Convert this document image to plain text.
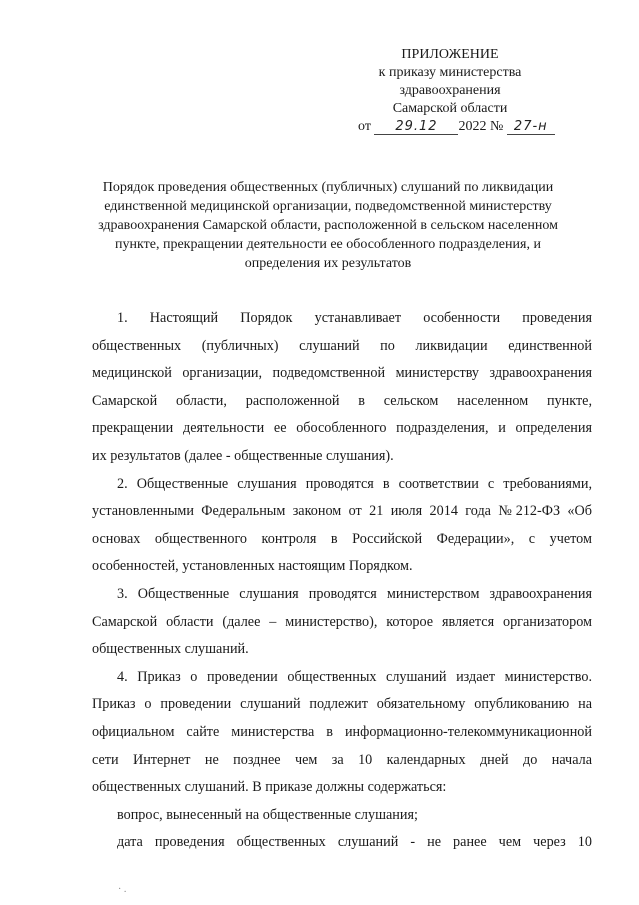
ПРИЛОЖЕНИЕ
к приказу министерства
здравоохранения
Самарской области
от 29.12 2022 № 27-н
Порядок проведения общественных (публичных) слушаний по ликвидации
единственной медицинской организации, подведомственной министерству
здравоохранения Самарской области, расположенной в сельском населенном
пункте, прекращении деятельности ее обособленного подразделения, и
определения их результатов
1. Настоящий Порядок устанавливает особенности проведения
общественных (публичных) слушаний по ликвидации единственной
медицинской организации, подведомственной министерству здравоохранения
Самарской области, расположенной в сельском населенном пункте,
прекращении деятельности ее обособленного подразделения, и определения
их результатов (далее - общественные слушания).
2. Общественные слушания проводятся в соответствии с требованиями,
установленными Федеральным законом от 21 июля 2014 года №212-ФЗ «Об
основах общественного контроля в Российской Федерации», с учетом
особенностей, установленных настоящим Порядком.
3. Общественные слушания проводятся министерством здравоохранения
Самарской области (далее – министерство), которое является организатором
общественных слушаний.
4. Приказ о проведении общественных слушаний издает министерство.
Приказ о проведении слушаний подлежит обязательному опубликованию на
официальном сайте министерства в информационно-телекоммуникационной
сети Интернет не позднее чем за 10 календарных дней до начала
общественных слушаний. В приказе должны содержаться:
вопрос, вынесенный на общественные слушания;
дата проведения общественных слушаний - не ранее чем через 10
· .
